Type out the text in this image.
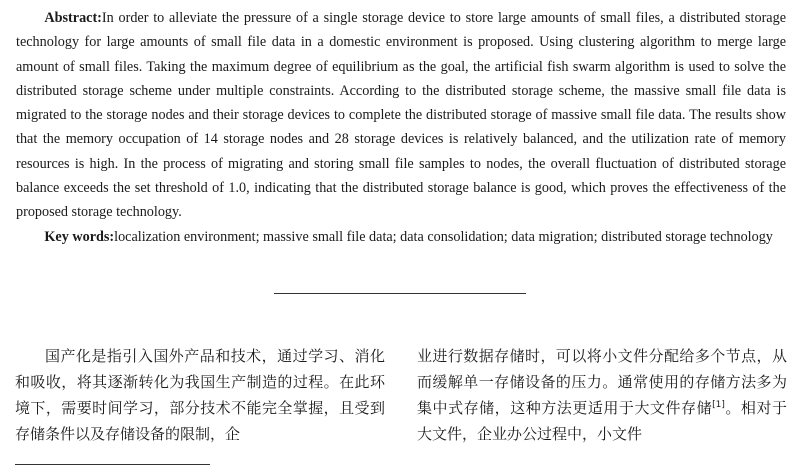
Abstract:In order to alleviate the pressure of a single storage device to store large amounts of small files, a distributed storage technology for large amounts of small file data in a domestic environment is proposed. Using clustering algorithm to merge large amount of small files. Taking the maximum degree of equilibrium as the goal, the artificial fish swarm algorithm is used to solve the distributed storage scheme under multiple constraints. According to the distributed storage scheme, the massive small file data is migrated to the storage nodes and their storage devices to complete the distributed storage of massive small file data. The results show that the memory occupation of 14 storage nodes and 28 storage devices is relatively balanced, and the utilization rate of memory resources is high. In the process of migrating and storing small file samples to nodes, the overall fluctuation of distributed storage balance exceeds the set threshold of 1.0, indicating that the distributed storage balance is good, which proves the effectiveness of the proposed storage technology.

Key words:localization environment; massive small file data; data consolidation; data migration; distributed storage technology

国产化是指引入国外产品和技术，通过学习、消化和吸收，将其逐渐转化为我国生产制造的过程。在此环境下，需要时间学习，部分技术不能完全掌握，且受到存储条件以及存储设备的限制，企

业进行数据存储时，可以将小文件分配给多个节点，从而缓解单一存储设备的压力。通常使用的存储方法多为集中式存储，这种方法更适用于大文件存储[1]。相对于大文件，企业办公过程中，小文件
